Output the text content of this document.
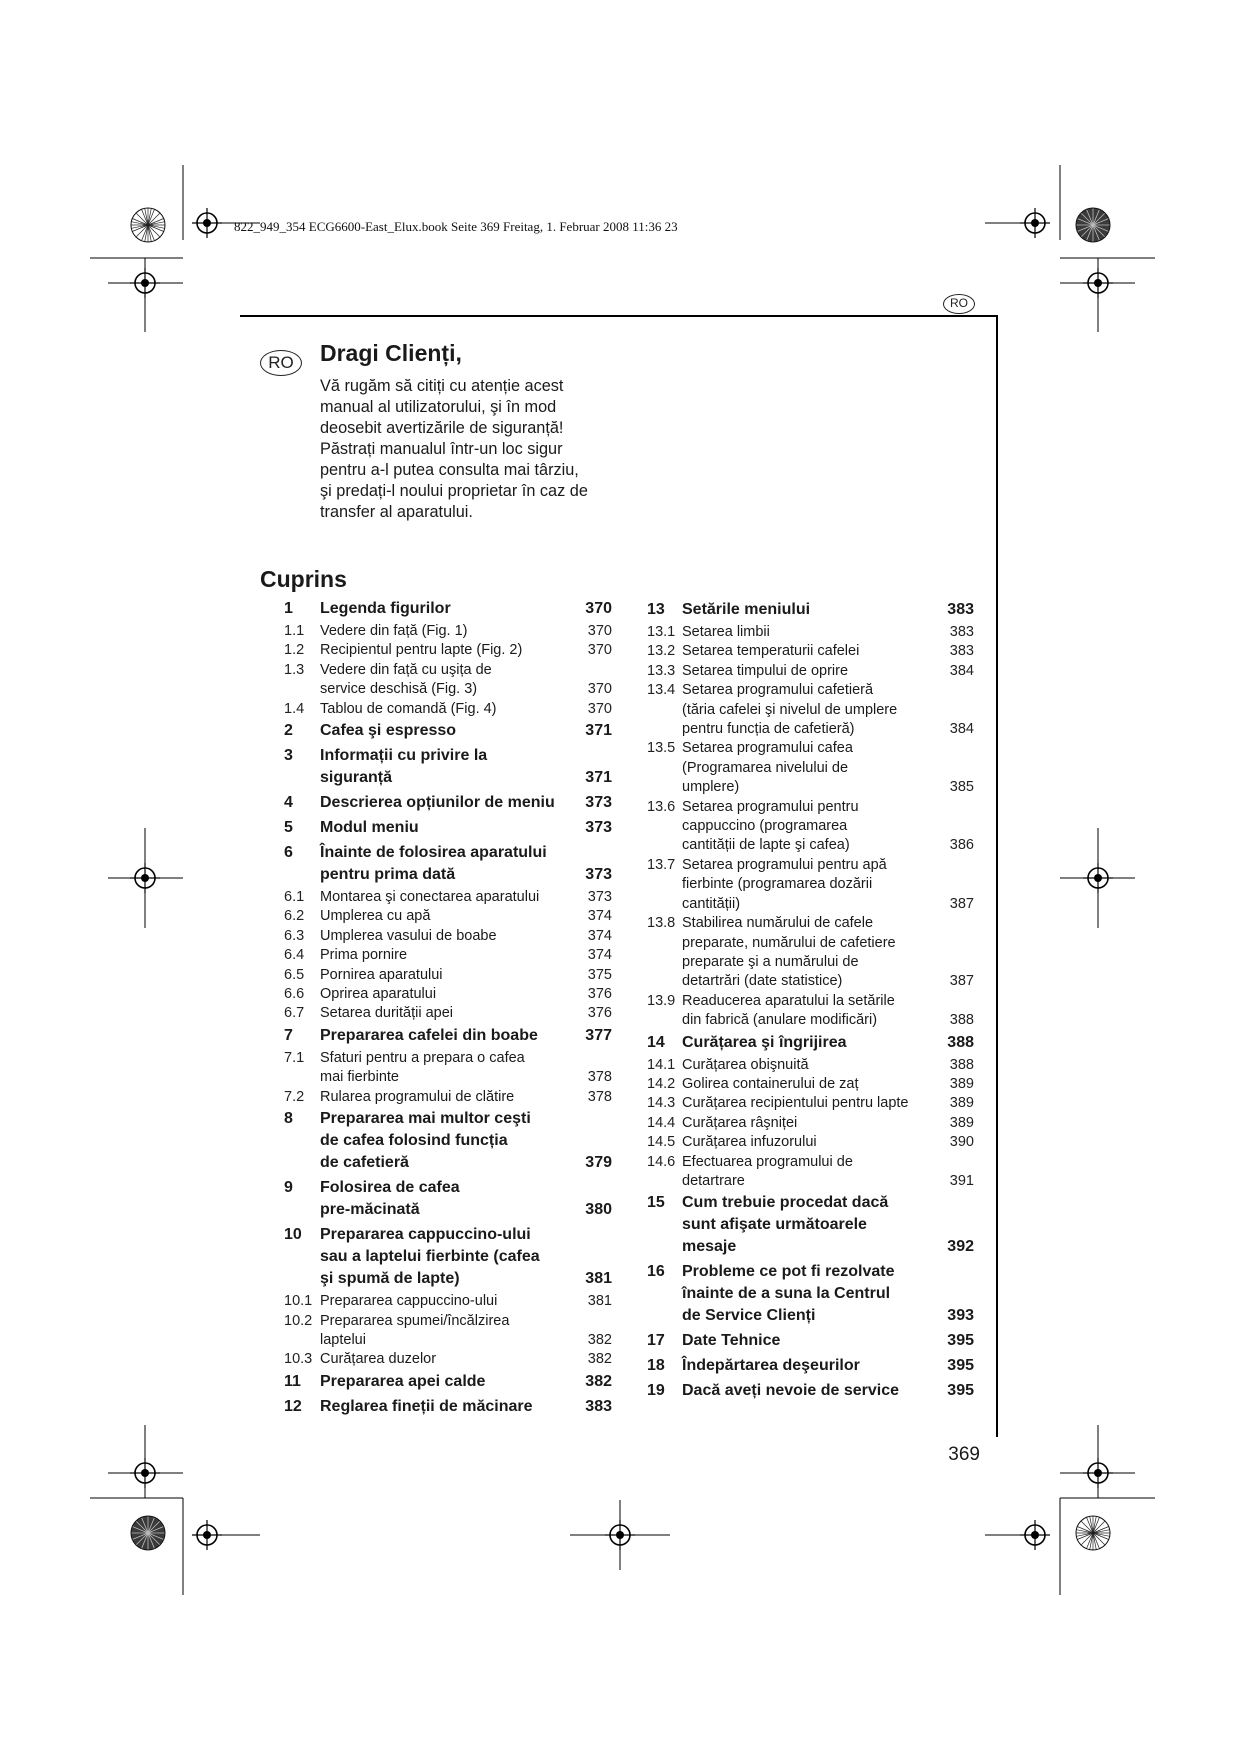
822_949_354 ECG6600-East_Elux.book Seite 369 Freitag, 1. Februar 2008 11:36 23
RO
RO	Dragi Clienți,
Vă rugăm să citiți cu atenție acest
manual al utilizatorului, şi în mod
deosebit avertizările de siguranță!
Păstrați manualul într-un loc sigur
pentru a-l putea consulta mai târziu,
şi predați-l noului proprietar în caz de
transfer al aparatului.
Cuprins
1	Legenda figurilor	370
1.1	Vedere din față (Fig. 1)	370
1.2	Recipientul pentru lapte (Fig. 2)	370
1.3	Vedere din față cu uşița de
service deschisă (Fig. 3)	370
1.4	Tablou de comandă (Fig. 4)	370
2	Cafea şi espresso	371
3	Informații cu privire la
siguranță	371
4	Descrierea opțiunilor de meniu	373
5	Modul meniu	373
6	Înainte de folosirea aparatului
pentru prima dată	373
6.1	Montarea şi conectarea aparatului	373
6.2	Umplerea cu apă	374
6.3	Umplerea vasului de boabe	374
6.4	Prima pornire	374
6.5	Pornirea aparatului	375
6.6	Oprirea aparatului	376
6.7	Setarea durității apei	376
7	Prepararea cafelei din boabe	377
7.1	Sfaturi pentru a prepara o cafea
mai fierbinte	378
7.2	Rularea programului de clătire	378
8	Prepararea mai multor ceşti
de cafea folosind funcția
de cafetieră	379
9	Folosirea de cafea
pre-măcinată	380
10	Prepararea cappuccino-ului
sau a laptelui fierbinte (cafea
şi spumă de lapte)	381
10.1 Prepararea cappuccino-ului	381
10.2 Prepararea spumei/încălzirea
laptelui	382
10.3 Curățarea duzelor	382
11	Prepararea apei calde	382
12	Reglarea fineții de măcinare	383
13	Setările meniului	383
13.1 Setarea limbii	383
13.2 Setarea temperaturii cafelei	383
13.3 Setarea timpului de oprire	384
13.4 Setarea programului cafetieră
(tăria cafelei şi nivelul de umplere
pentru funcția de cafetieră)	384
13.5 Setarea programului cafea
(Programarea nivelului de
umplere)	385
13.6 Setarea programului pentru
cappuccino (programarea
cantității de lapte şi cafea)	386
13.7 Setarea programului pentru apă
fierbinte (programarea dozării
cantității)	387
13.8 Stabilirea numărului de cafele
preparate, numărului de cafetiere
preparate şi a numărului de
detartrări (date statistice)	387
13.9 Readucerea aparatului la setările
din fabrică (anulare modificări)	388
14	Curățarea şi îngrijirea	388
14.1 Curățarea obişnuită	388
14.2 Golirea containerului de zaț	389
14.3 Curățarea recipientului pentru lapte	389
14.4 Curățarea râşniței	389
14.5 Curățarea infuzorului	390
14.6 Efectuarea programului de
detartrare	391
15	Cum trebuie procedat dacă
sunt afişate următoarele
mesaje	392
16	Probleme ce pot fi rezolvate
înainte de a suna la Centrul
de Service Clienți	393
17	Date Tehnice	395
18	Îndepărtarea deşeurilor	395
19	Dacă aveți nevoie de service	395
369
